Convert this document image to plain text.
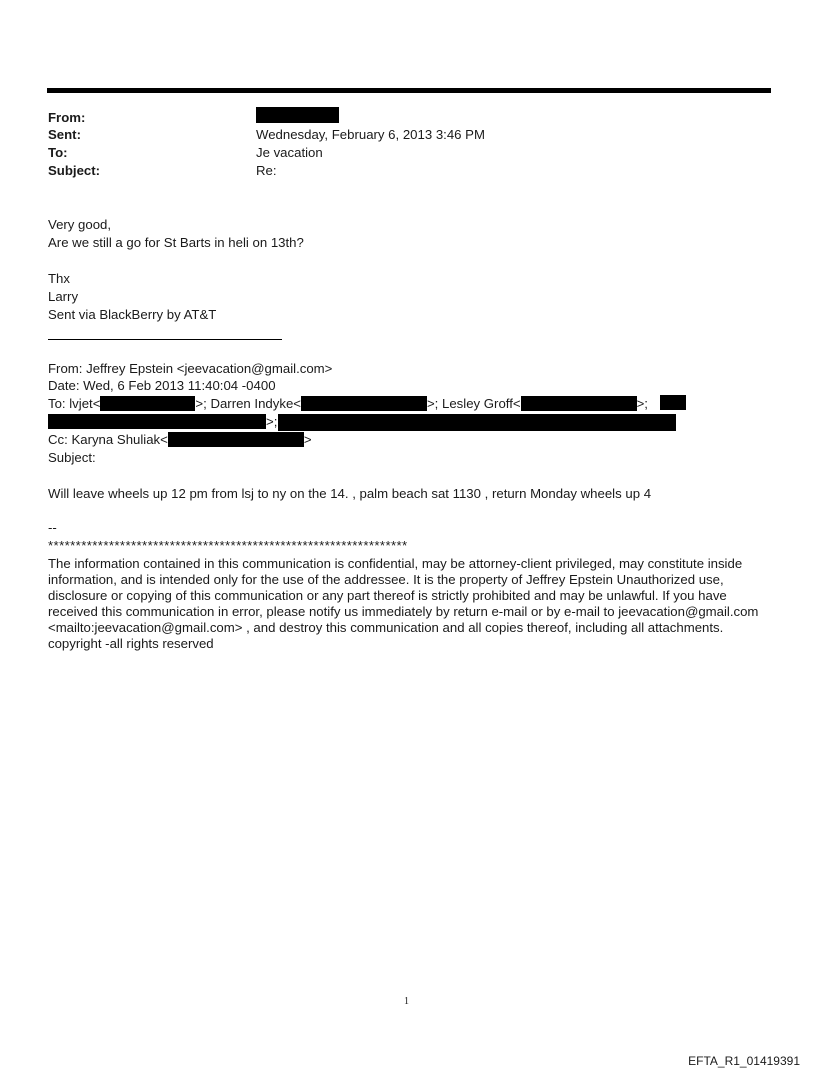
From:
Sent:	Wednesday, February 6, 2013 3:46 PM
To:	Je vacation
Subject:	Re:
Very good,
Are we still a go for St Barts in heli on 13th?
Thx
Larry
Sent via BlackBerry by AT&T
From: Jeffrey Epstein <jeevacation@gmail.com>
Date: Wed, 6 Feb 2013 11:40:04 -0400
To: lvjet<	>; Darren Indyke<	>; Lesley Groff<	>;
>;
Cc: Karyna Shuliak<	>
Subject:
Will leave wheels up 12 pm from lsj to ny on the 14. , palm beach sat 1130 , return Monday wheels up 4
--
*****************************************************************
The information contained in this communication is confidential, may be attorney-client privileged, may constitute inside information, and is intended only for the use of the addressee. It is the property of Jeffrey Epstein Unauthorized use, disclosure or copying of this communication or any part thereof is strictly prohibited and may be unlawful. If you have received this communication in error, please notify us immediately by return e-mail or by e-mail to jeevacation@gmail.com <mailto:jeevacation@gmail.com> , and destroy this communication and all copies thereof, including all attachments. copyright -all rights reserved
1
EFTA_R1_01419391
